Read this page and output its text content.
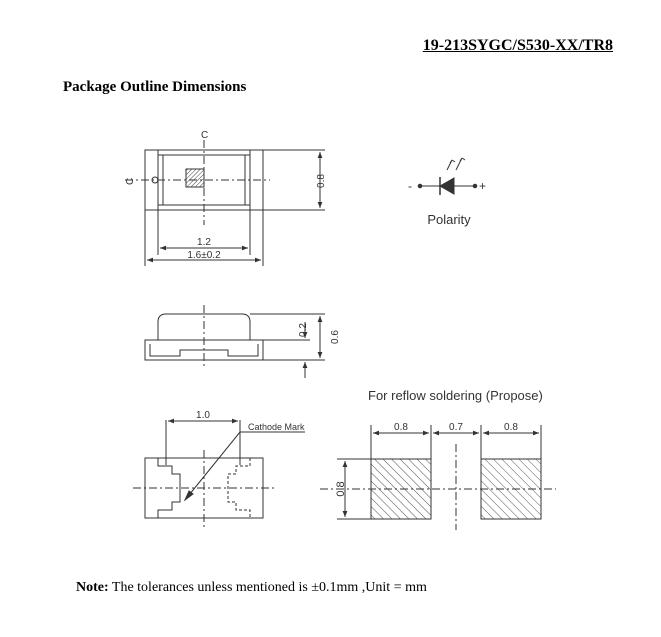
19-213SYGC/S530-XX/TR8
Package Outline Dimensions
C
C	0.8
1.2
1.6±0.2
-	+
Polarity
0.2
0.6
1.0
Cathode Mark
For reflow soldering (Propose)
0.8	0.7	0.8
0.8
Note: The tolerances unless mentioned is ±0.1mm ,Unit = mm
